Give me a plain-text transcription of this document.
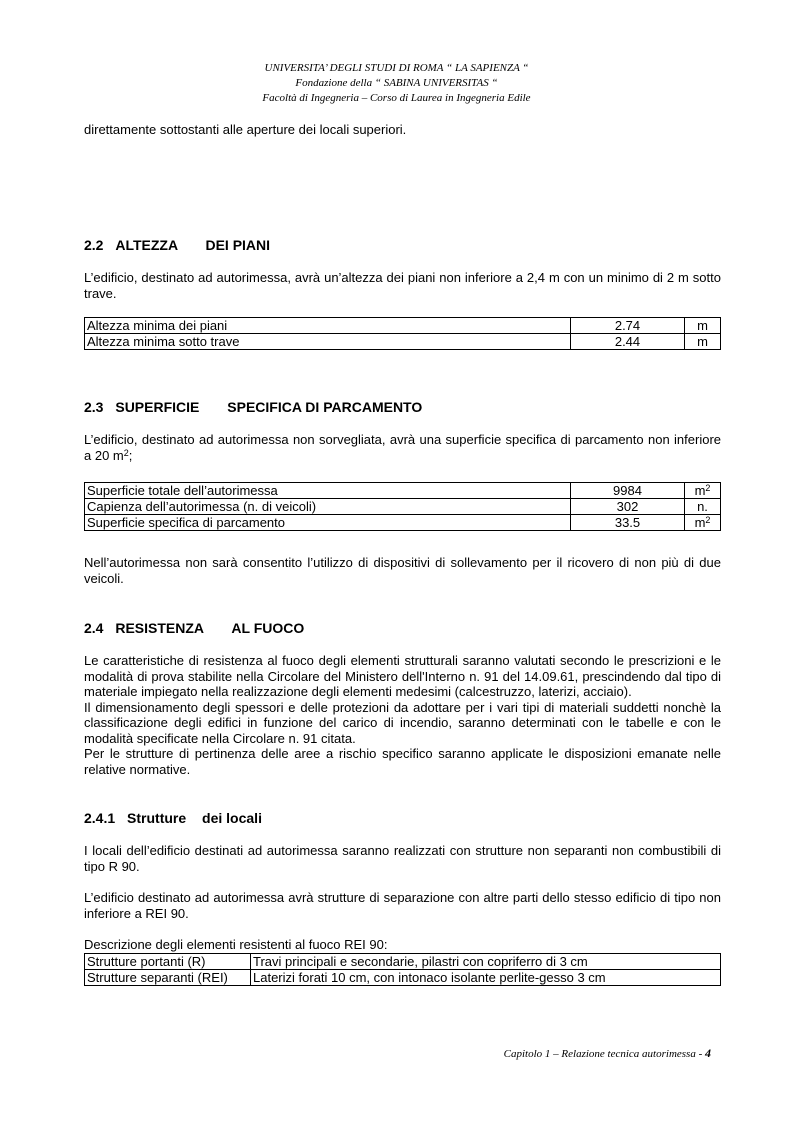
UNIVERSITA’ DEGLI STUDI DI ROMA “ LA SAPIENZA “
Fondazione della “ SABINA UNIVERSITAS “
Facoltà di Ingegneria – Corso di Laurea in Ingegneria Edile

direttamente sottostanti alle aperture dei locali superiori.

2.2 ALTEZZA DEI PIANI

L’edificio, destinato ad autorimessa, avrà un’altezza dei piani non inferiore a 2,4 m con un minimo di 2 m sotto trave.

Altezza minima dei piani	2.74	m
Altezza minima sotto trave	2.44	m
2.3 SUPERFICIE SPECIFICA DI PARCAMENTO

L’edificio, destinato ad autorimessa non sorvegliata, avrà una superficie specifica di parcamento non inferiore a 20 $m^2$;

Superficie totale dell’autorimessa	9984	$m^2$
Capienza dell’autorimessa (n. di veicoli)	302	n.
Superficie specifica di parcamento	33.5	$m^2$

Nell’autorimessa non sarà consentito l’utilizzo di dispositivi di sollevamento per il ricovero di non più di due veicoli.

2.4 RESISTENZA AL FUOCO
Le caratteristiche di resistenza al fuoco degli elementi strutturali saranno valutati secondo le prescrizioni e le modalità di prova stabilite nella Circolare del Ministero dell'Interno n. 91 del 14.09.61, prescindendo dal tipo di materiale impiegato nella realizzazione degli elementi medesimi (calcestruzzo, laterizi, acciaio).
Il dimensionamento degli spessori e delle protezioni da adottare per i vari tipi di materiali suddetti nonchè la classificazione degli edifici in funzione del carico di incendio, saranno determinati con le tabelle e con le modalità specificate nella Circolare n. 91 citata.
Per le strutture di pertinenza delle aree a rischio specifico saranno applicate le disposizioni emanate nelle relative normative.
2.4.1 Strutture dei locali

I locali dell’edificio destinati ad autorimessa saranno realizzati con strutture non separanti non combustibili di tipo R 90.

L’edificio destinato ad autorimessa avrà strutture di separazione con altre parti dello stesso edificio di tipo non inferiore a REI 90.

Descrizione degli elementi resistenti al fuoco REI 90:

Strutture portanti (R)	Travi principali e secondarie, pilastri con copriferro di 3 cm
Strutture separanti (REI)	Laterizi forati 10 cm, con intonaco isolante perlite-gesso 3 cm
Capitolo 1 – Relazione tecnica autorimessa - 4
